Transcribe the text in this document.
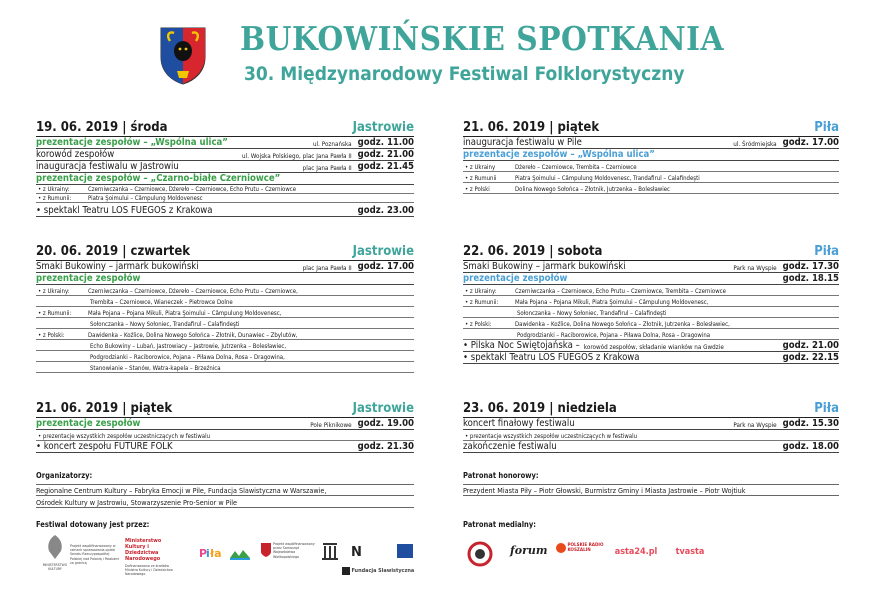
BUKOWIŃSKIE SPOTKANIA
30. Międzynarodowy Festiwal Folklorystyczny
19. 06. 2019 | środa	Jastrowie
prezentacje zespołów – „Wspólna ulica”	ul. Poznańska godz. 11.00
korowód zespołów	ul. Wojska Polskiego, plac Jana Pawła II godz. 21.00
inauguracja festiwalu w Jastrowiu	plac Jana Pawła II godz. 21.45
prezentacje zespołów – „Czarno-białe Czerniowce”
• z Ukrainy:	Czerniwczanka – Czerniowce, Dżereło – Czerniowce, Echo Prutu – Czerniowce
• z Rumunii:	Piatra Şoimului – Câmpulung Moldovenesc
• spektakl Teatru LOS FUEGOS z Krakowa	godz. 23.00
20. 06. 2019 | czwartek	Jastrowie
Smaki Bukowiny – jarmark bukowiński	plac Jana Pawła II godz. 17.00
prezentacje zespołów
• z Ukrainy:	Czerniwczanka – Czerniowce, Dżereło – Czerniowce, Echo Prutu – Czerniowce,
Trembita – Czerniowce, Wianeczek – Pietrowce Dolne
• z Rumunii:	Mała Pojana – Pojana Mikuli, Piatra Şoimului – Câmpulung Moldovenesc,
Sołonczanka – Nowy Sołoniec, Trandafirul – Calafindeşti
• z Polski:	Dawidenka – Koźlice, Dolina Nowego Sołońca – Złotnik, Dunawiec – Zbylutów,
Echo Bukowiny – Lubań, Jastrowiacy – Jastrowie, Jutrzenka – Bolesławiec,
Podgrodzianki – Raciborowice, Pojana – Piława Dolna, Rosa – Dragowina,
Stanowianie – Stanów, Watra-kapela – Brzeźnica
21. 06. 2019 | piątek	Jastrowie
prezentacje zespołów	Pole Piknikowe godz. 19.00
• prezentacje wszystkich zespołów uczestniczących w festiwalu
• koncert zespołu FUTURE FOLK	godz. 21.30
21. 06. 2019 | piątek	Piła
inauguracja festiwalu w Pile	ul. Śródmiejska godz. 17.00
prezentacje zespołów – „Wspólna ulica”
• z Ukrainy	Dżereło – Czerniowce, Trembita – Czerniowce
• z Rumunii	Piatra Şoimului – Câmpulung Moldovenesc, Trandafirul – Calafindeşti
• z Polski	Dolina Nowego Sołońca – Złotnik, Jutrzenka – Bolesławiec
22. 06. 2019 | sobota	Piła
Smaki Bukowiny – jarmark bukowiński	Park na Wyspie godz. 17.30
prezentacje zespołów	godz. 18.15
• z Ukrainy:	Czerniwczanka – Czerniowce, Echo Prutu – Czerniowce, Trembita – Czerniowce
• z Rumunii:	Mała Pojana – Pojana Mikuli, Piatra Şoimului – Câmpulung Moldovenesc,
Sołonczanka – Nowy Sołoniec, Trandafirul – Calafindeşti
• z Polski:	Dawidenka – Koźlice, Dolina Nowego Sołońca – Złotnik, Jutrzenka – Bolesławiec,
Podgrodzianki – Raciborowice, Pojana – Piława Dolna, Rosa – Dragowina
• Pilska Noc Świętojańska – korowód zespołów, składanie wianków na Gwdzie	godz. 21.00
• spektakl Teatru LOS FUEGOS z Krakowa	godz. 22.15
23. 06. 2019 | niedziela	Piła
koncert finałowy festiwalu	Park na Wyspie godz. 15.30
• prezentacje wszystkich zespołów uczestniczących w festiwalu
zakończenie festiwalu	godz. 18.00
Organizatorzy:
Regionalne Centrum Kultury – Fabryka Emocji w Pile, Fundacja Slawistyczna w Warszawie,
Ośrodek Kultury w Jastrowiu, Stowarzyszenie Pro-Senior w Pile
Festiwal dotowany jest przez:
Patronat honorowy:
Prezydent Miasta Piły – Piotr Głowski, Burmistrz Gminy i Miasta Jastrowie – Piotr Wojtiuk
Patronat medialny:
MINISTERSTWO KULTURY
Projekt współfinansowany w ramach sprawowania opieki Senatu Rzeczypospolitej Polskiej nad Polonią i Polakami za granicą
Ministerstwo Kultury i Dziedzictwa Narodowego
Dofinansowano ze środków Ministra Kultury i Dziedzictwa Narodowego
P
i ła
Projekt współfinansowany przez Samorząd Województwa Wielkopolskiego	N
Fundacja Slawistyczna
forum	POLSKIE RADIO KOSZALIN	asta24.pl	tvasta
